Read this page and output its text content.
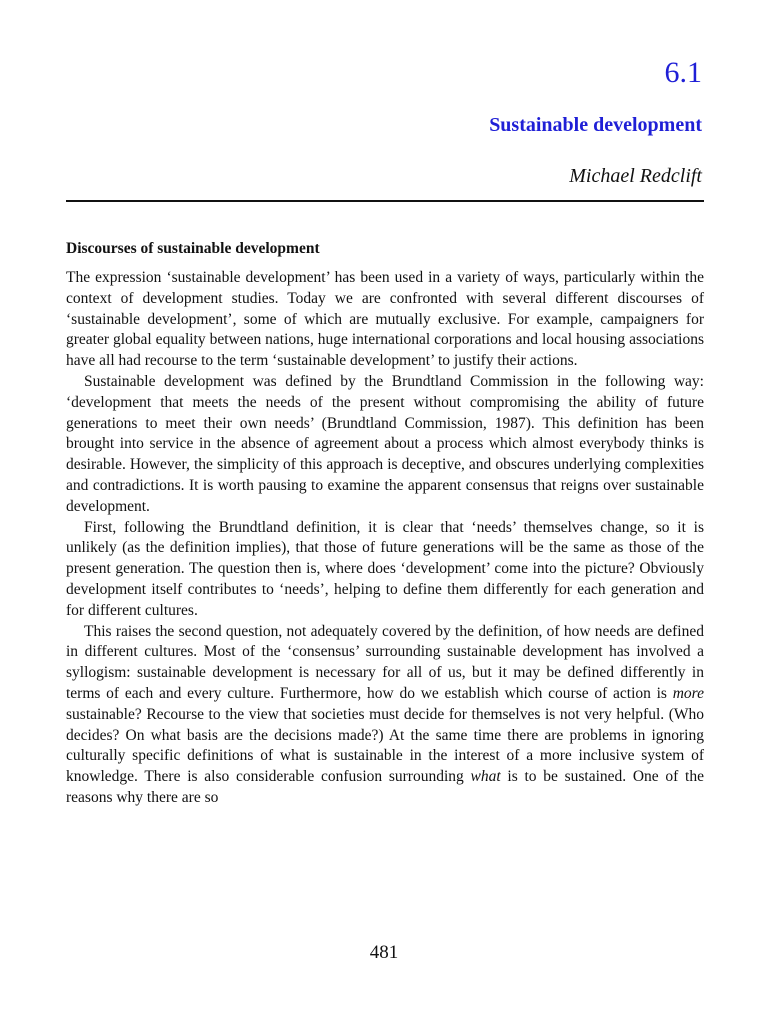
6.1
Sustainable development
Michael Redclift
Discourses of sustainable development

The expression ‘sustainable development’ has been used in a variety of ways, particularly within the context of development studies. Today we are confronted with several different discourses of ‘sustainable development’, some of which are mutually exclusive. For example, campaigners for greater global equality between nations, huge international corporations and local housing associations have all had recourse to the term ‘sustainable development’ to justify their actions.

Sustainable development was defined by the Brundtland Commission in the following way: ‘development that meets the needs of the present without compromising the ability of future generations to meet their own needs’ (Brundtland Commission, 1987). This definition has been brought into service in the absence of agreement about a process which almost everybody thinks is desirable. However, the simplicity of this approach is deceptive, and obscures underlying complexities and contradictions. It is worth pausing to examine the apparent consensus that reigns over sustainable development.

First, following the Brundtland definition, it is clear that ‘needs’ themselves change, so it is unlikely (as the definition implies), that those of future generations will be the same as those of the present generation. The question then is, where does ‘development’ come into the picture? Obviously development itself contributes to ‘needs’, helping to define them differently for each generation and for different cultures.

This raises the second question, not adequately covered by the definition, of how needs are defined in different cultures. Most of the ‘consensus’ surrounding sustainable development has involved a syllogism: sustainable development is necessary for all of us, but it may be defined differently in terms of each and every culture. Furthermore, how do we establish which course of action is more sustainable? Recourse to the view that societies must decide for themselves is not very helpful. (Who decides? On what basis are the decisions made?) At the same time there are problems in ignoring culturally specific definitions of what is sustainable in the interest of a more inclusive system of knowledge. There is also considerable confusion surrounding what is to be sustained. One of the reasons why there are so

481
